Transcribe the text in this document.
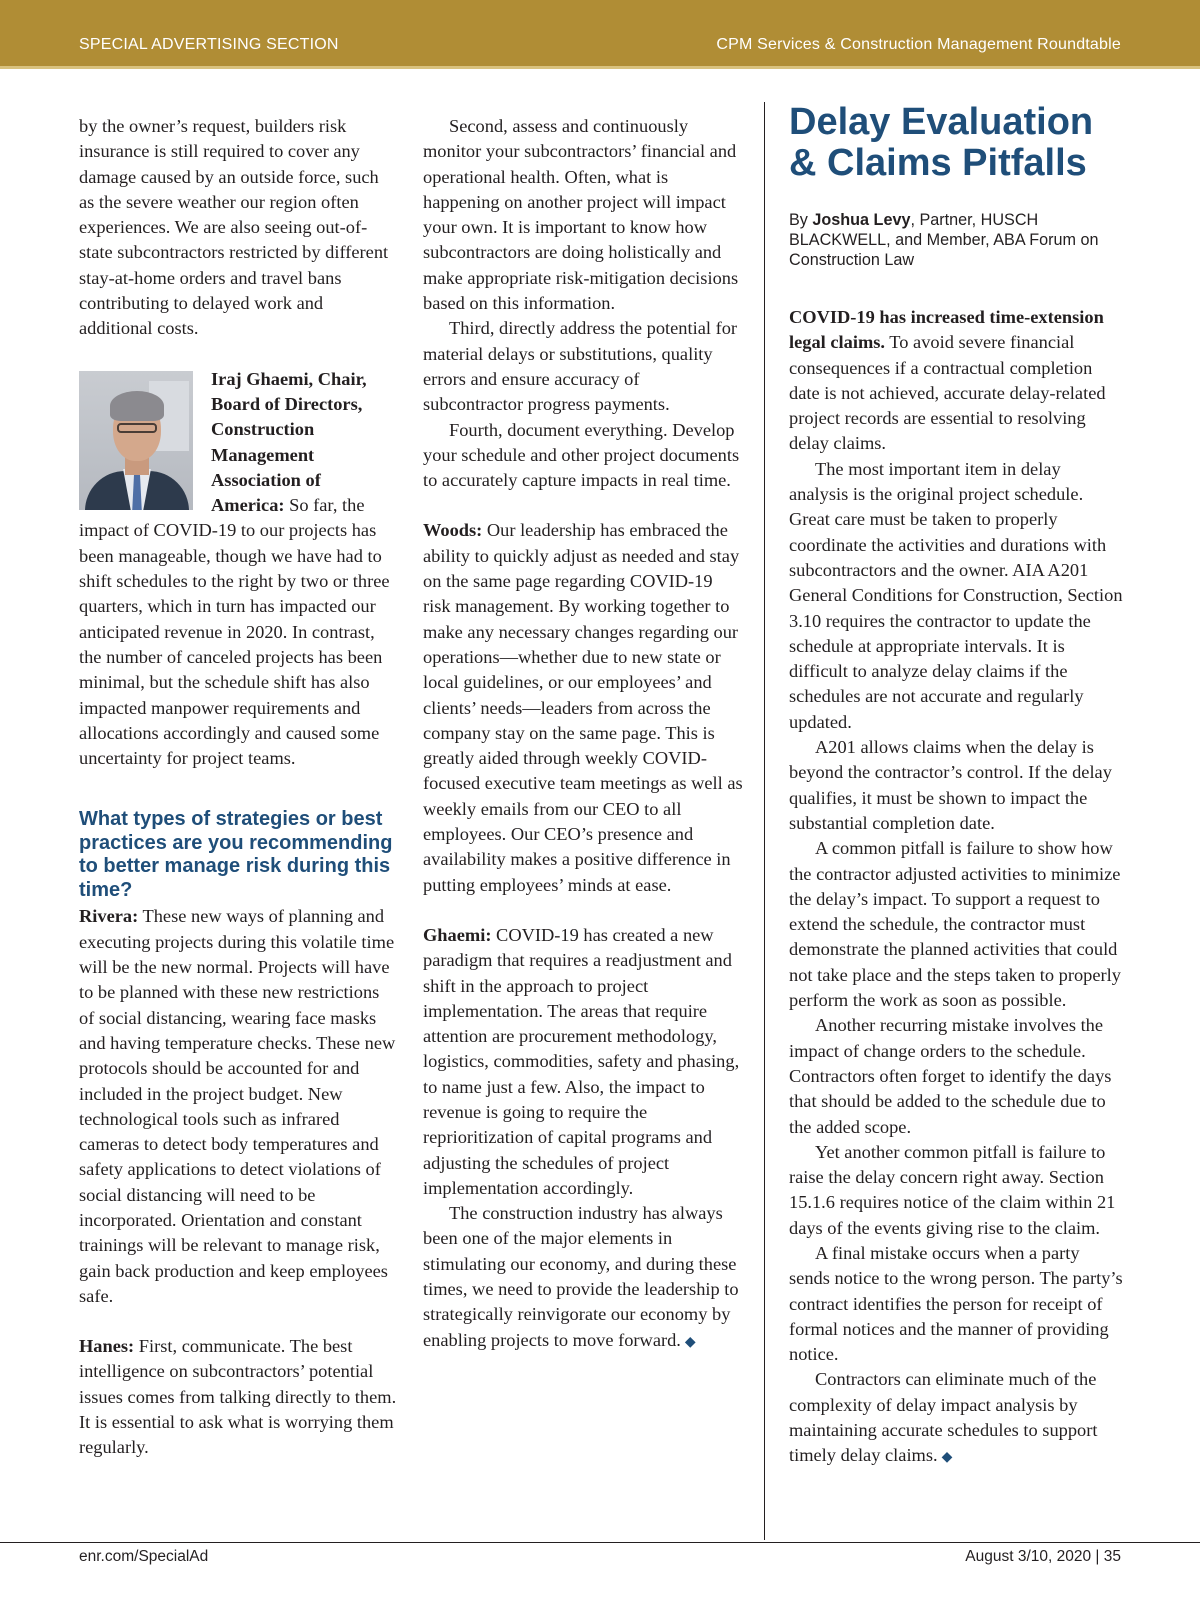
SPECIAL ADVERTISING SECTION	CPM Services & Construction Management Roundtable

by the owner’s request, builders risk insurance is still required to cover any damage caused by an outside force, such as the severe weather our region often experiences. We are also seeing out-of-state subcontractors restricted by different stay-at-home orders and travel bans contributing to delayed work and additional costs.

Iraj Ghaemi, Chair, Board of Directors, Construction Management Association of America: So far, the impact of COVID-19 to our projects has been manageable, though we have had to shift schedules to the right by two or three quarters, which in turn has impacted our anticipated revenue in 2020. In contrast, the number of canceled projects has been minimal, but the schedule shift has also impacted manpower requirements and allocations accordingly and caused some uncertainty for project teams.

What types of strategies or best practices are you recommending to better manage risk during this time?

Rivera: These new ways of planning and executing projects during this volatile time will be the new normal. Projects will have to be planned with these new restrictions of social distancing, wearing face masks and having temperature checks. These new protocols should be accounted for and included in the project budget. New technological tools such as infrared cameras to detect body temperatures and safety applications to detect violations of social distancing will need to be incorporated. Orientation and constant trainings will be relevant to manage risk, gain back production and keep employees safe.

Hanes: First, communicate. The best intelligence on subcontractors’ potential issues comes from talking directly to them. It is essential to ask what is worrying them regularly.

Second, assess and continuously monitor your subcontractors’ financial and operational health. Often, what is happening on another project will impact your own. It is important to know how subcontractors are doing holistically and make appropriate risk-mitigation decisions based on this information.

Third, directly address the potential for material delays or substitutions, quality errors and ensure accuracy of subcontractor progress payments.

Fourth, document everything. Develop your schedule and other project documents to accurately capture impacts in real time.

Woods: Our leadership has embraced the ability to quickly adjust as needed and stay on the same page regarding COVID-19 risk management. By working together to make any necessary changes regarding our operations—whether due to new state or local guidelines, or our employees’ and clients’ needs—leaders from across the company stay on the same page. This is greatly aided through weekly COVID-focused executive team meetings as well as weekly emails from our CEO to all employees. Our CEO’s presence and availability makes a positive difference in putting employees’ minds at ease.

Ghaemi: COVID-19 has created a new paradigm that requires a readjustment and shift in the approach to project implementation. The areas that require attention are procurement methodology, logistics, commodities, safety and phasing, to name just a few. Also, the impact to revenue is going to require the reprioritization of capital programs and adjusting the schedules of project implementation accordingly.

The construction industry has always been one of the major elements in stimulating our economy, and during these times, we need to provide the leadership to strategically reinvigorate our economy by enabling projects to move forward. ◆

Delay Evaluation & Claims Pitfalls

By Joshua Levy, Partner, HUSCH BLACKWELL, and Member, ABA Forum on Construction Law

COVID-19 has increased time-extension legal claims. To avoid severe financial consequences if a contractual completion date is not achieved, accurate delay-related project records are essential to resolving delay claims.

The most important item in delay analysis is the original project schedule. Great care must be taken to properly coordinate the activities and durations with subcontractors and the owner. AIA A201 General Conditions for Construction, Section 3.10 requires the contractor to update the schedule at appropriate intervals. It is difficult to analyze delay claims if the schedules are not accurate and regularly updated.

A201 allows claims when the delay is beyond the contractor’s control. If the delay qualifies, it must be shown to impact the substantial completion date.

A common pitfall is failure to show how the contractor adjusted activities to minimize the delay’s impact. To support a request to extend the schedule, the contractor must demonstrate the planned activities that could not take place and the steps taken to properly perform the work as soon as possible.

Another recurring mistake involves the impact of change orders to the schedule. Contractors often forget to identify the days that should be added to the schedule due to the added scope.

Yet another common pitfall is failure to raise the delay concern right away. Section 15.1.6 requires notice of the claim within 21 days of the events giving rise to the claim.

A final mistake occurs when a party sends notice to the wrong person. The party’s contract identifies the person for receipt of formal notices and the manner of providing notice.

Contractors can eliminate much of the complexity of delay impact analysis by maintaining accurate schedules to support timely delay claims. ◆

enr.com/SpecialAd	August 3/10, 2020 | 35
